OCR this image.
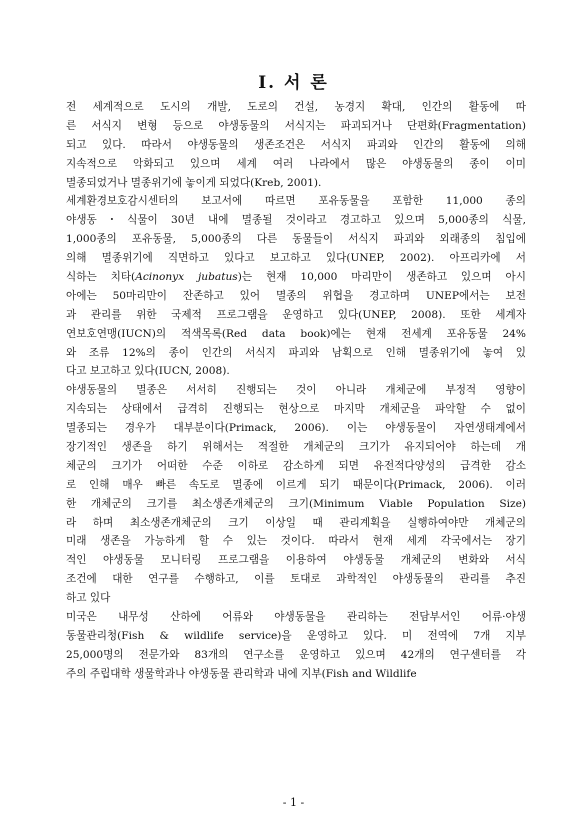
Ⅰ. 서 론
전 세계적으로 도시의 개발, 도로의 건설, 농경지 확대, 인간의 활동에 따
른 서식지 변형 등으로 야생동물의 서식지는 파괴되거나 단편화(Fragmentation)
되고 있다. 따라서 야생동물의 생존조건은 서식지 파괴와 인간의 활동에 의해
지속적으로 악화되고 있으며 세계 여러 나라에서 많은 야생동물의 종이 이미
멸종되었거나 멸종위기에 놓이게 되었다(Kreb, 2001).
세계환경보호감시센터의 보고서에 따르면 포유동물을 포함한 11,000 종의
야생동・식물이 30년 내에 멸종될 것이라고 경고하고 있으며 5,000종의 식물,
1,000종의 포유동물, 5,000종의 다른 동물들이 서식지 파괴와 외래종의 침입에
의해 멸종위기에 직면하고 있다고 보고하고 있다(UNEP, 2002). 아프리카에 서
식하는 치타(Acinonyx jubatus)는 현재 10,000 마리만이 생존하고 있으며 아시
아에는 50마리만이 잔존하고 있어 멸종의 위협을 경고하며 UNEP에서는 보전
과 관리를 위한 국제적 프로그램을 운영하고 있다(UNEP, 2008). 또한 세계자
연보호연맹(IUCN)의 적색목록(Red data book)에는 현재 전세계 포유동물 24%
와 조류 12%의 종이 인간의 서식지 파괴와 남획으로 인해 멸종위기에 놓여 있
다고 보고하고 있다(IUCN, 2008).
야생동물의 멸종은 서서히 진행되는 것이 아니라 개체군에 부정적 영향이
지속되는 상태에서 급격히 진행되는 현상으로 마지막 개체군을 파악할 수 없이
멸종되는 경우가 대부분이다(Primack, 2006). 이는 야생동물이 자연생태계에서
장기적인 생존을 하기 위해서는 적절한 개체군의 크기가 유지되어야 하는데 개
체군의 크기가 어떠한 수준 이하로 감소하게 되면 유전적다양성의 급격한 감소
로 인해 매우 빠른 속도로 멸종에 이르게 되기 때문이다(Primack, 2006). 이러
한 개체군의 크기를 최소생존개체군의 크기(Minimum Viable Population Size)
라 하며 최소생존개체군의 크기 이상일 때 관리계획을 실행하여야만 개체군의
미래 생존을 가능하게 할 수 있는 것이다. 따라서 현재 세계 각국에서는 장기
적인 야생동물 모니터링 프로그램을 이용하여 야생동물 개체군의 변화와 서식
조건에 대한 연구를 수행하고, 이를 토대로 과학적인 야생동물의 관리를 추진
하고 있다
미국은 내무성 산하에 어류와 야생동물을 관리하는 전담부서인 어류·야생
동물관리청(Fish & wildlife service)을 운영하고 있다. 미 전역에 7개 지부
25,000명의 전문가와 83개의 연구소를 운영하고 있으며 42개의 연구센터를 각
주의 주립대학 생물학과나 야생동물 관리학과 내에 지부(Fish and Wildlife
- 1 -
